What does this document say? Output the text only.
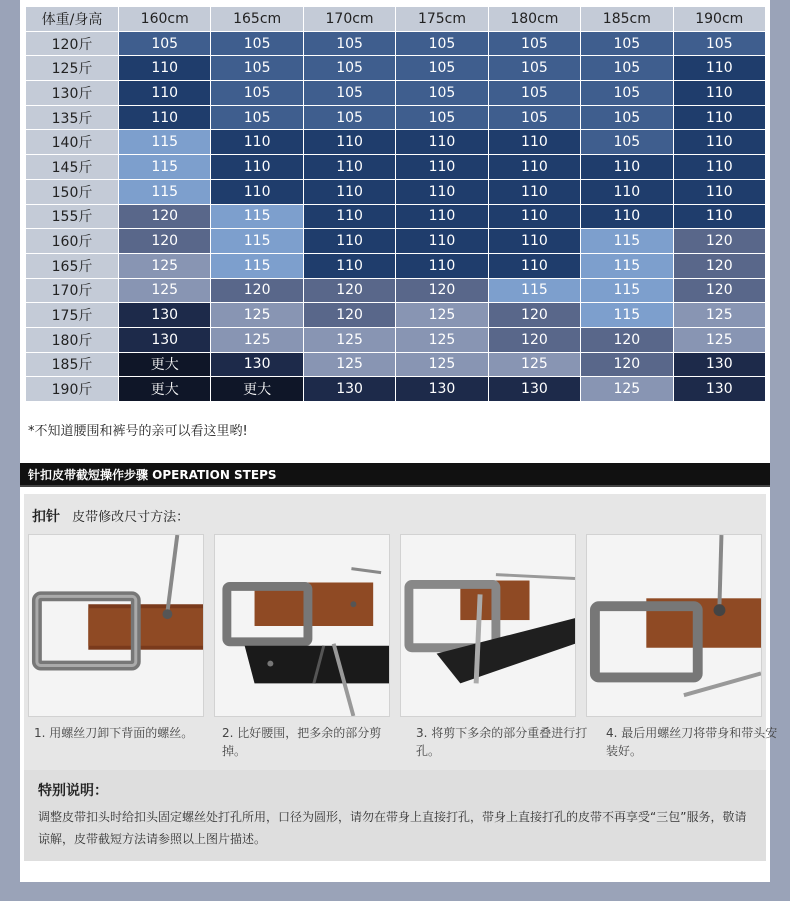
体重/身高	160cm	165cm	170cm	175cm	180cm	185cm	190cm
120斤	105	105	105	105	105	105	105
125斤	110	105	105	105	105	105	110
130斤	110	105	105	105	105	105	110
135斤	110	105	105	105	105	105	110
140斤	115	110	110	110	110	105	110
145斤	115	110	110	110	110	110	110
150斤	115	110	110	110	110	110	110
155斤	120	115	110	110	110	110	110
160斤	120	115	110	110	110	115	120
165斤	125	115	110	110	110	115	120
170斤	125	120	120	120	115	115	120
175斤	130	125	120	125	120	115	125
180斤	130	125	125	125	120	120	125
185斤	更大	130	125	125	125	120	130
190斤	更大	更大	130	130	130	125	130
*不知道腰围和裤号的亲可以看这里哟!
针扣皮带截短操作步骤 OPERATION STEPS
扣针 皮带修改尺寸方法：
1. 用螺丝刀卸下背面的螺丝。	2. 比好腰围，把多余的部分剪掉。
3. 将剪下多余的部分重叠进行打孔。
4. 最后用螺丝刀将带身和带头安装好。
特别说明：
调整皮带扣头时给扣头固定螺丝处打孔所用，口径为圆形，请勿在带身上直接打孔，带身上直接打孔的皮带不再享受“三包”服务，敬请谅解，皮带截短方法请参照以上图片描述。
